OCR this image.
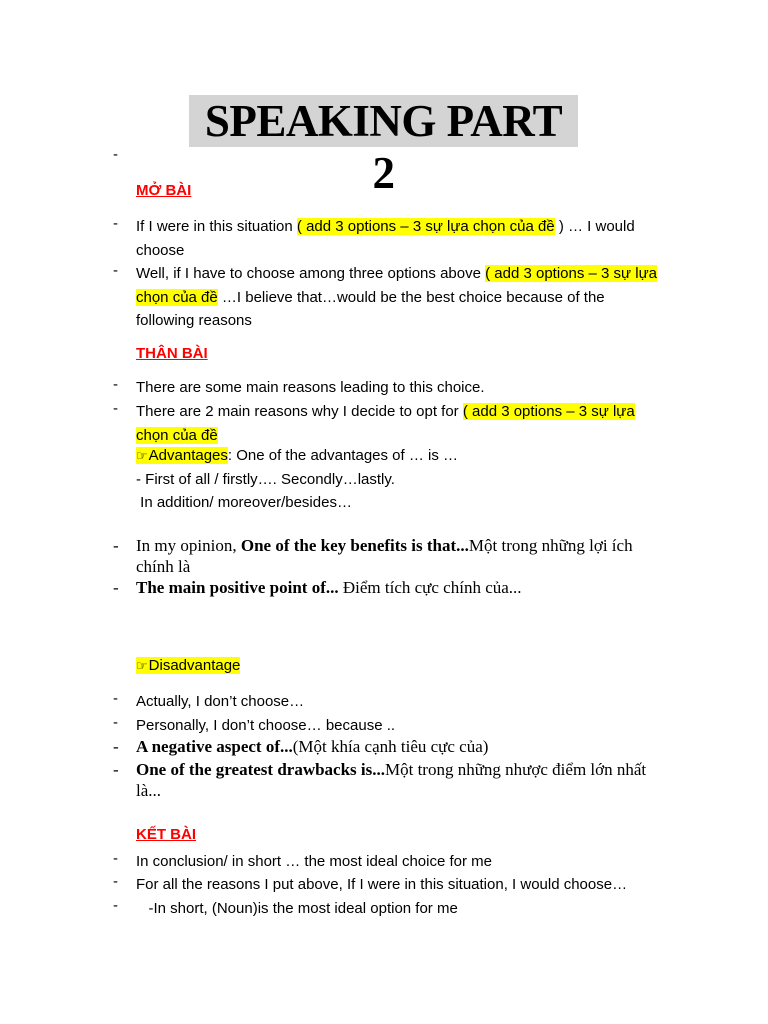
SPEAKING PART 2
-
MỞ BÀI
- If I were in this situation ( add 3 options – 3 sự lựa chọn của đề ) … I would choose
- Well, if I have to choose among three options above ( add 3 options – 3 sự lựa chọn của đề …I believe that…would be the best choice because of the following reasons
THÂN BÀI
- There are some main reasons leading to this choice.
- There are 2 main reasons why I decide to opt for ( add 3 options – 3 sự lựa chọn của đề
☞Advantages: One of the advantages of … is …
- First of all / firstly…. Secondly…lastly.
In addition/ moreover/besides…
- In my opinion, One of the key benefits is that...Một trong những lợi ích chính là
- The main positive point of... Điểm tích cực chính của...
☞Disadvantage
- Actually, I don’t choose…
- Personally, I don’t choose… because ..
- A negative aspect of...(Một khía cạnh tiêu cực của)
- One of the greatest drawbacks is...Một trong những nhược điểm lớn nhất là...
KẾT BÀI
- In conclusion/ in short … the most ideal choice for me
- For all the reasons I put above, If I were in this situation, I would choose…
- -In short, (Noun)is the most ideal option for me
